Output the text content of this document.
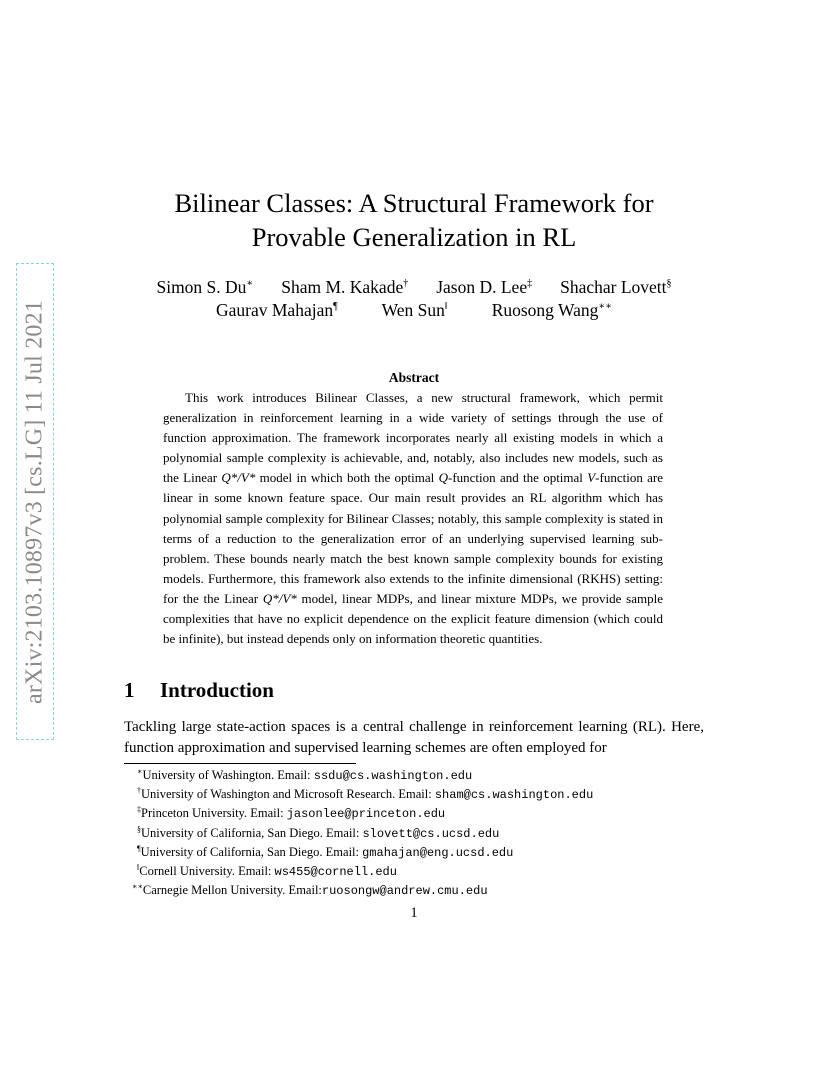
arXiv:2103.10897v3 [cs.LG] 11 Jul 2021
Bilinear Classes: A Structural Framework for
Provable Generalization in RL
Simon S. Du∗ Sham M. Kakade† Jason D. Lee‡ Shachar Lovett§
Gaurav Mahajan¶	Wen Sun‖	Ruosong Wang∗∗
Abstract

This work introduces Bilinear Classes, a new structural framework, which permit generalization in reinforcement learning in a wide variety of settings through the use of function approximation. The framework incorporates nearly all existing models in which a polynomial sample complexity is achievable, and, notably, also includes new models, such as the Linear Q*/V* model in which both the optimal Q-function and the optimal V-function are linear in some known feature space. Our main result provides an RL algorithm which has polynomial sample complexity for Bilinear Classes; notably, this sample complexity is stated in terms of a reduction to the generalization error of an underlying supervised learning sub-problem. These bounds nearly match the best known sample complexity bounds for existing models. Furthermore, this framework also extends to the infinite dimensional (RKHS) setting: for the the Linear Q*/V* model, linear MDPs, and linear mixture MDPs, we provide sample complexities that have no explicit dependence on the explicit feature dimension (which could be infinite), but instead depends only on information theoretic quantities.

1 Introduction

Tackling large state-action spaces is a central challenge in reinforcement learning (RL). Here, function approximation and supervised learning schemes are often employed for

∗University of Washington. Email: ssdu@cs.washington.edu
†University of Washington and Microsoft Research. Email: sham@cs.washington.edu
‡Princeton University. Email: jasonlee@princeton.edu
§University of California, San Diego. Email: slovett@cs.ucsd.edu
¶University of California, San Diego. Email: gmahajan@eng.ucsd.edu
‖Cornell University. Email: ws455@cornell.edu
∗∗Carnegie Mellon University. Email:ruosongw@andrew.cmu.edu
1
